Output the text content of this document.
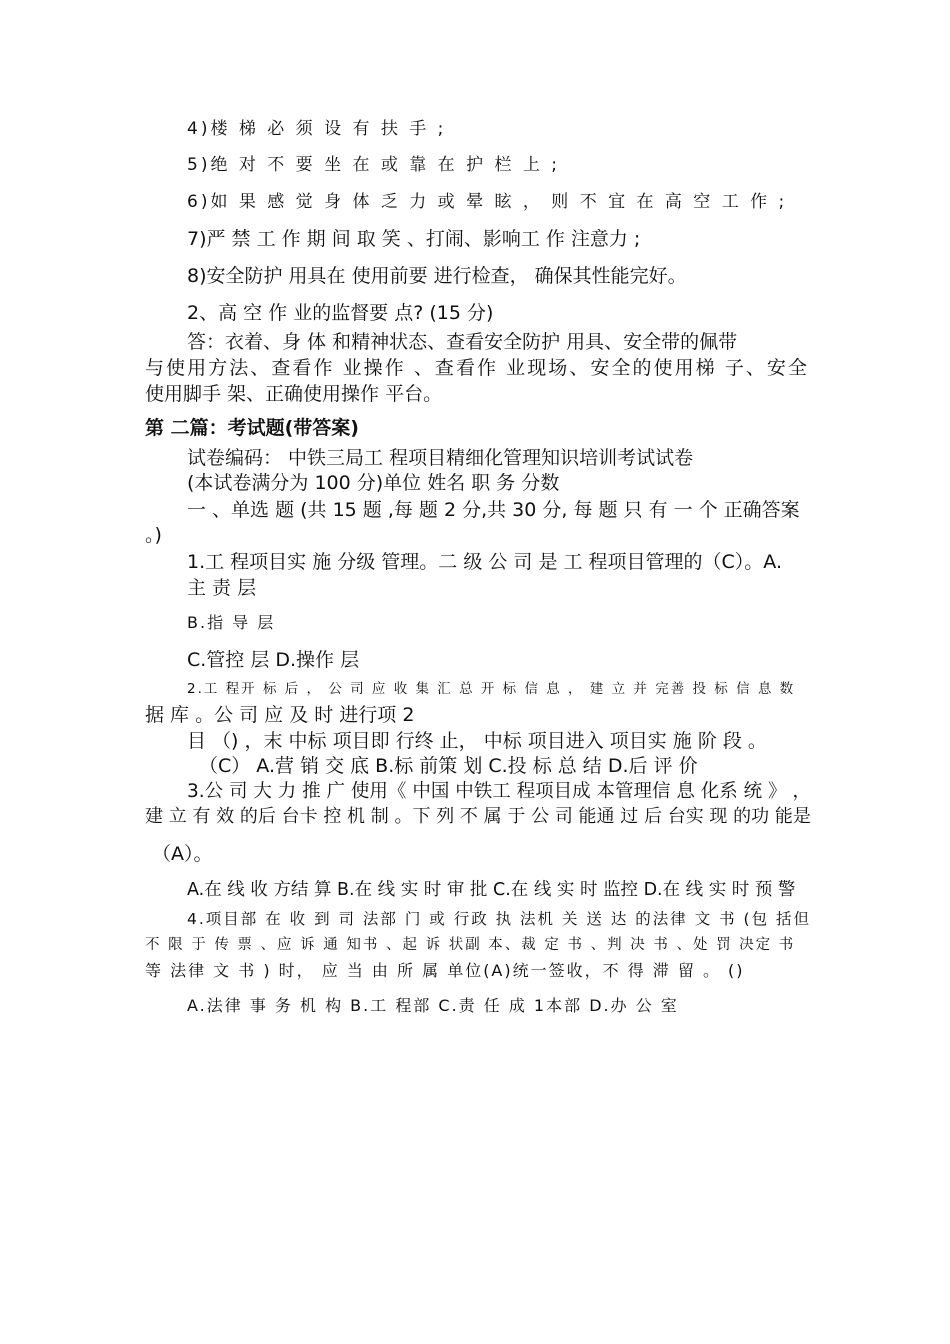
4)楼 梯 必 须 设 有 扶 手 ;

5)绝 对 不 要 坐 在 或 靠 在 护 栏 上 ;

6)如 果 感 觉 身 体 乏 力 或 晕 眩 ， 则 不 宜 在 高 空 工 作 ;

7)严 禁 工 作 期 间 取 笑 、打闹、影响工 作 注意力 ;

8)安全防护 用具在 使用前要 进行检查， 确保其性能完好。

2、高 空 作 业的监督要 点? (15 分)

答：衣着、身 体 和精神状态、查看安全防护 用具、安全带的佩带

与使用方法、查看作 业操作 、查看作 业现场、安全的使用梯 子、安全

使用脚手 架、正确使用操作 平台。

第 二篇：考试题(带答案)

试卷编码： 中铁三局工 程项目精细化管理知识培训考试试卷

(本试卷满分为 100 分)单位 姓名 职 务 分数

一 、单选 题 (共 15 题 ,每 题 2 分,共 30 分, 每 题 只 有 一 个 正确答案

。)

1.工 程项目实 施 分级 管理。二 级 公 司 是 工 程项目管理的（C）。A.

主 责 层

B.指 导 层

C.管控 层 D.操作 层

2.工 程开 标 后 ， 公 司 应 收 集 汇 总 开 标 信 息 ， 建 立 并 完善 投 标 信 息 数

据 库 。公 司 应 及 时 进行项 2

目 （) ，末 中标 项目即 行终 止， 中标 项目进入 项目实 施 阶 段 。

（C） A.营 销 交 底 B.标 前策 划 C.投 标 总 结 D.后 评 价

3.公 司 大 力 推 广 使用《 中国 中铁工 程项目成 本管理信 息 化系 统 》 ，

建 立 有 效 的后 台卡 控 机 制 。下 列 不 属 于 公 司 能通 过 后 台实 现 的功 能是

（A）。

A.在 线 收 方结 算 B.在 线 实 时 审 批 C.在 线 实 时 监控 D.在 线 实 时 预 警

4.项目部 在 收 到 司 法部 门 或 行政 执 法机 关 送 达 的法律 文 书 (包 括但

不 限 于 传 票 、应 诉 通 知书 、起 诉 状副 本、裁 定 书 、判 决 书 、处 罚 决定 书

等 法律 文 书 ) 时， 应 当 由 所 属 单位(A)统一签收，不 得 滞 留 。 ()

A.法律 事 务 机 构 B.工 程部 C.责 任 成 1本部 D.办 公 室
